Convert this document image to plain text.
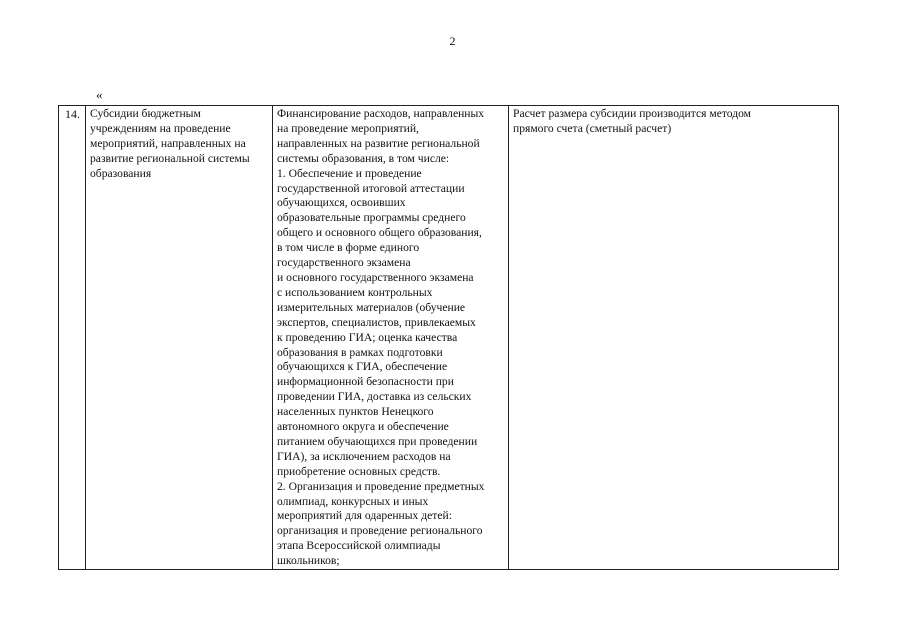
2
«
14.	Субсидии бюджетным
учреждениям на проведение
мероприятий, направленных на
развитие региональной системы
образования

Финансирование расходов, направленных
на проведение мероприятий,
направленных на развитие региональной
системы образования, в том числе:
1. Обеспечение и проведение
государственной итоговой аттестации
обучающихся, освоивших
образовательные программы среднего
общего и основного общего образования,
в том числе в форме единого
государственного экзамена
и основного государственного экзамена
с использованием контрольных
измерительных материалов (обучение
экспертов, специалистов, привлекаемых
к проведению ГИА; оценка качества
образования в рамках подготовки
обучающихся к ГИА, обеспечение
информационной безопасности при
проведении ГИА, доставка из сельских
населенных пунктов Ненецкого
автономного округа и обеспечение
питанием обучающихся при проведении
ГИА), за исключением расходов на
приобретение основных средств.
2. Организация и проведение предметных
олимпиад, конкурсных и иных
мероприятий для одаренных детей:
организация и проведение регионального
этапа Всероссийской олимпиады
школьников;

Расчет размера субсидии производится методом
прямого счета (сметный расчет)
